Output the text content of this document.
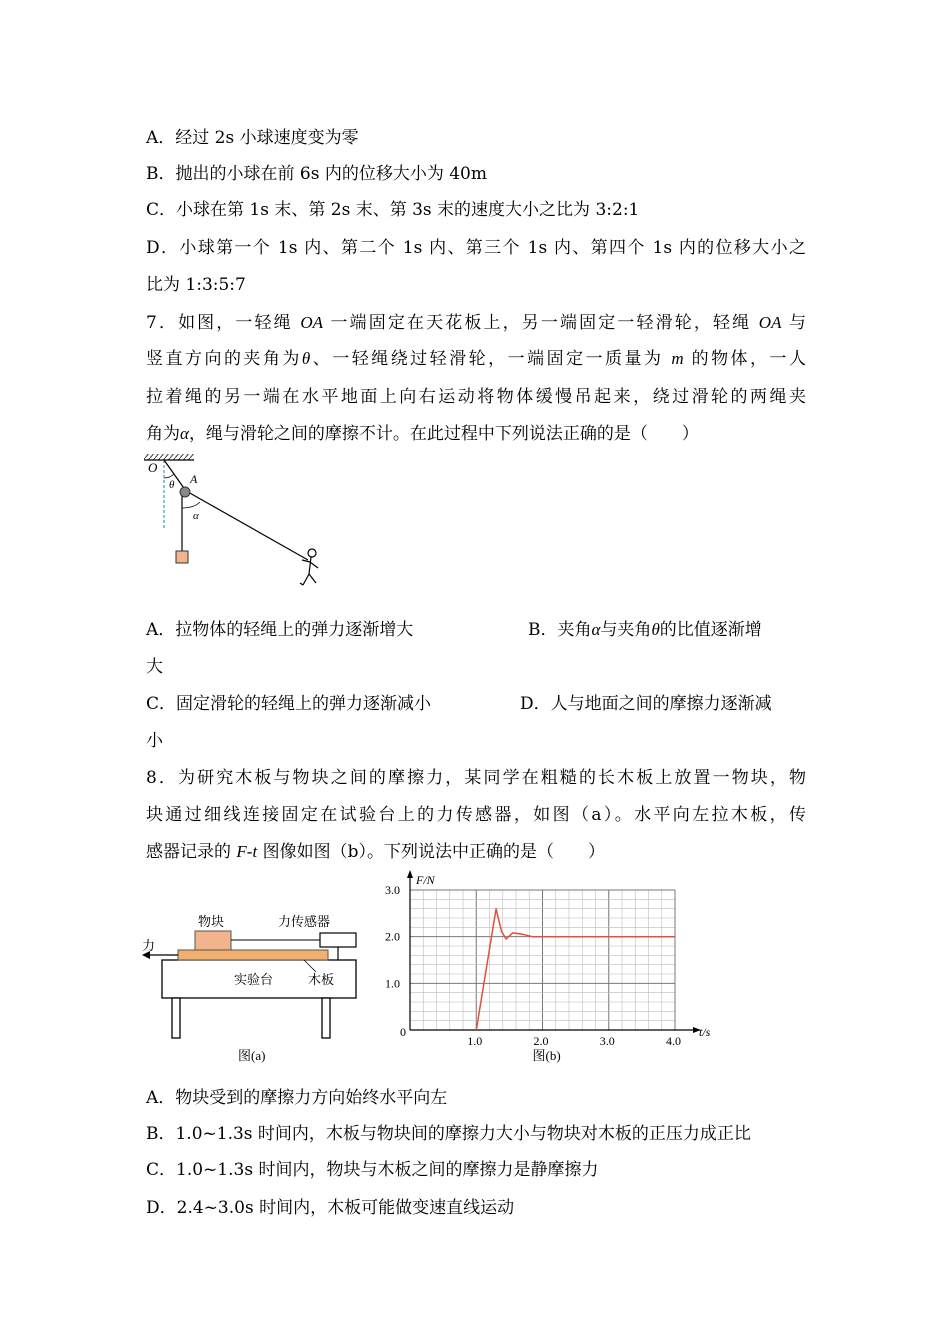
A．经过 2s 小球速度变为零
B．抛出的小球在前 6s 内的位移大小为 40m
C．小球在第 1s 末、第 2s 末、第 3s 末的速度大小之比为 3:2:1
D．小球第一个 1s 内、第二个 1s 内、第三个 1s 内、第四个 1s 内的位移大小之
比为 1:3:5:7
7．如图，一轻绳 OA 一端固定在天花板上，另一端固定一轻滑轮，轻绳 OA 与
竖直方向的夹角为θ、一轻绳绕过轻滑轮，一端固定一质量为 m 的物体，一人
拉着绳的另一端在水平地面上向右运动将物体缓慢吊起来，绕过滑轮的两绳夹
角为α，绳与滑轮之间的摩擦不计。在此过程中下列说法正确的是（　　）
O
θ A
α
A．拉物体的轻绳上的弹力逐渐增大	B．夹角α与夹角θ的比值逐渐增
大
C．固定滑轮的轻绳上的弹力逐渐减小	D．人与地面之间的摩擦力逐渐减
小
8．为研究木板与物块之间的摩擦力，某同学在粗糙的长木板上放置一物块，物
块通过细线连接固定在试验台上的力传感器，如图（a）。水平向左拉木板，传
感器记录的 F-t 图像如图（b）。下列说法中正确的是（　　）
物块	力传感器
力
实验台	木板
图(a)
1.0	2.0	3.0	4.0
1.0
2.0
3.0
0	t/s
F/N
图(b)
A．物块受到的摩擦力方向始终水平向左
B．1.0~1.3s 时间内，木板与物块间的摩擦力大小与物块对木板的正压力成正比
C．1.0~1.3s 时间内，物块与木板之间的摩擦力是静摩擦力
D．2.4~3.0s 时间内，木板可能做变速直线运动
